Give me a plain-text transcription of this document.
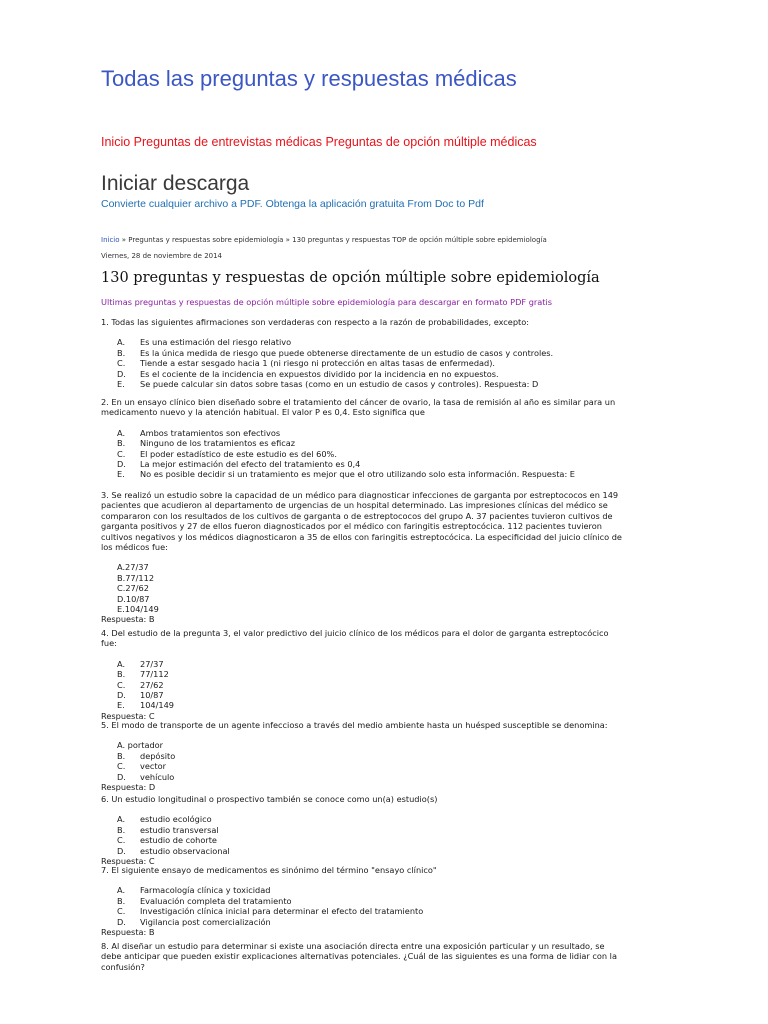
Todas las preguntas y respuestas médicas
Inicio Preguntas de entrevistas médicas Preguntas de opción múltiple médicas
Iniciar descarga
Convierte cualquier archivo a PDF. Obtenga la aplicación gratuita From Doc to Pdf
Inicio » Preguntas y respuestas sobre epidemiología » 130 preguntas y respuestas TOP de opción múltiple sobre epidemiología
Viernes, 28 de noviembre de 2014
130 preguntas y respuestas de opción múltiple sobre epidemiología
Ultimas preguntas y respuestas de opción múltiple sobre epidemiología para descargar en formato PDF gratis

1. Todas las siguientes afirmaciones son verdaderas con respecto a la razón de probabilidades, excepto:

A. Es una estimación del riesgo relativo
B. Es la única medida de riesgo que puede obtenerse directamente de un estudio de casos y controles.
C. Tiende a estar sesgado hacia 1 (ni riesgo ni protección en altas tasas de enfermedad).
D. Es el cociente de la incidencia en expuestos dividido por la incidencia en no expuestos.
E. Se puede calcular sin datos sobre tasas (como en un estudio de casos y controles). Respuesta: D

2. En un ensayo clínico bien diseñado sobre el tratamiento del cáncer de ovario, la tasa de remisión al año es similar para un

medicamento nuevo y la atención habitual. El valor P es 0,4. Esto significa que

A. Ambos tratamientos son efectivos
B. Ninguno de los tratamientos es eficaz
C. El poder estadístico de este estudio es del 60%.
D. La mejor estimación del efecto del tratamiento es 0,4
E. No es posible decidir si un tratamiento es mejor que el otro utilizando solo esta información. Respuesta: E

3. Se realizó un estudio sobre la capacidad de un médico para diagnosticar infecciones de garganta por estreptococos en 149

pacientes que acudieron al departamento de urgencias de un hospital determinado. Las impresiones clínicas del médico se

compararon con los resultados de los cultivos de garganta o de estreptococos del grupo A. 37 pacientes tuvieron cultivos de

garganta positivos y 27 de ellos fueron diagnosticados por el médico con faringitis estreptocócica. 112 pacientes tuvieron

cultivos negativos y los médicos diagnosticaron a 35 de ellos con faringitis estreptocócica. La especificidad del juicio clínico de

los médicos fue:

A.27/37
B.77/112
C.27/62
D.10/87
E.104/149

Respuesta: B

4. Del estudio de la pregunta 3, el valor predictivo del juicio clínico de los médicos para el dolor de garganta estreptocócico

fue:

A. 27/37
B. 77/112
C. 27/62
D. 10/87
E. 104/149

Respuesta: C

5. El modo de transporte de un agente infeccioso a través del medio ambiente hasta un huésped susceptible se denomina:

A. portador
B. depósito
C. vector
D. vehículo

Respuesta: D

6. Un estudio longitudinal o prospectivo también se conoce como un(a) estudio(s)

A. estudio ecológico
B. estudio transversal
C. estudio de cohorte
D. estudio observacional

Respuesta: C

7. El siguiente ensayo de medicamentos es sinónimo del término "ensayo clínico"

A. Farmacología clínica y toxicidad
B. Evaluación completa del tratamiento
C. Investigación clínica inicial para determinar el efecto del tratamiento
D. Vigilancia post comercialización

Respuesta: B

8. Al diseñar un estudio para determinar si existe una asociación directa entre una exposición particular y un resultado, se

debe anticipar que pueden existir explicaciones alternativas potenciales. ¿Cuál de las siguientes es una forma de lidiar con la

confusión?
